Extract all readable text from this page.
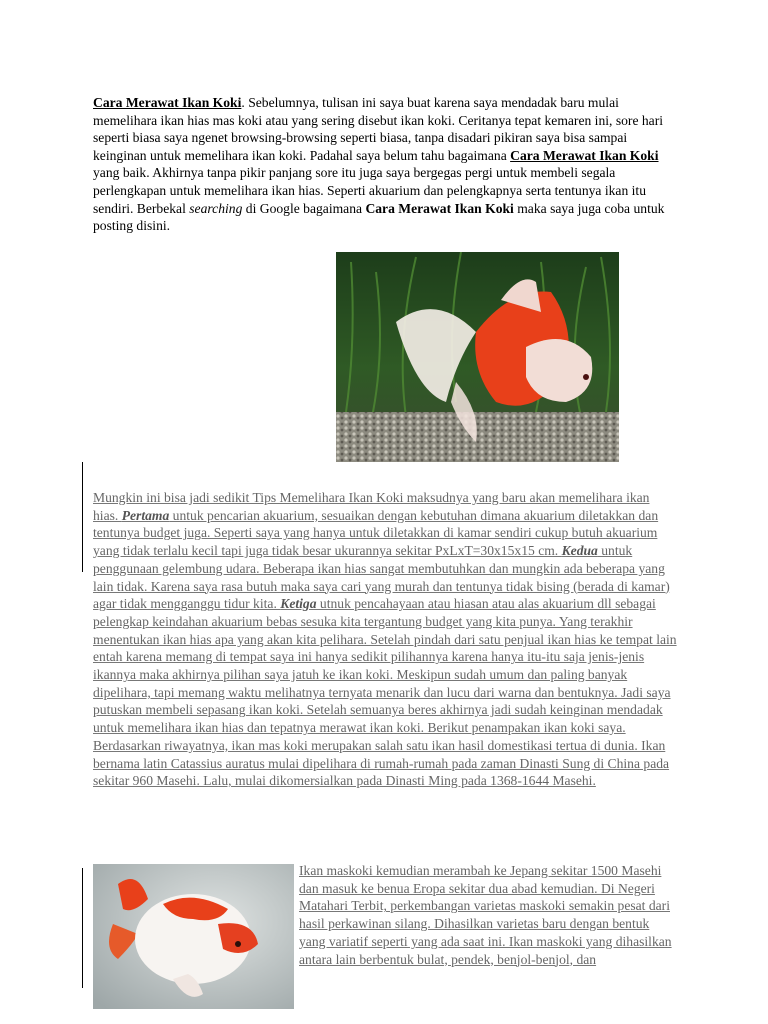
Cara Merawat Ikan Koki. Sebelumnya, tulisan ini saya buat karena saya mendadak baru mulai memelihara ikan hias mas koki atau yang sering disebut ikan koki. Ceritanya tepat kemaren ini, sore hari seperti biasa saya ngenet browsing-browsing seperti biasa, tanpa disadari pikiran saya bisa sampai keinginan untuk memelihara ikan koki. Padahal saya belum tahu bagaimana Cara Merawat Ikan Koki yang baik. Akhirnya tanpa pikir panjang sore itu juga saya bergegas pergi untuk membeli segala perlengkapan untuk memelihara ikan hias. Seperti akuarium dan pelengkapnya serta tentunya ikan itu sendiri. Berbekal searching di Google bagaimana Cara Merawat Ikan Koki maka saya juga coba untuk posting disini.

Mungkin ini bisa jadi sedikit Tips Memelihara Ikan Koki maksudnya yang baru akan memelihara ikan hias. Pertama untuk pencarian akuarium, sesuaikan dengan kebutuhan dimana akuarium diletakkan dan tentunya budget juga. Seperti saya yang hanya untuk diletakkan di kamar sendiri cukup butuh akuarium yang tidak terlalu kecil tapi juga tidak besar ukurannya sekitar PxLxT=30x15x15 cm. Kedua untuk penggunaan gelembung udara. Beberapa ikan hias sangat membutuhkan dan mungkin ada beberapa yang lain tidak. Karena saya rasa butuh maka saya cari yang murah dan tentunya tidak bising (berada di kamar) agar tidak mengganggu tidur kita. Ketiga utnuk pencahayaan atau hiasan atau alas akuarium dll sebagai pelengkap keindahan akuarium bebas sesuka kita tergantung budget yang kita punya. Yang terakhir menentukan ikan hias apa yang akan kita pelihara. Setelah pindah dari satu penjual ikan hias ke tempat lain entah karena memang di tempat saya ini hanya sedikit pilihannya karena hanya itu-itu saja jenis-jenis ikannya maka akhirnya pilihan saya jatuh ke ikan koki. Meskipun sudah umum dan paling banyak dipelihara, tapi memang waktu melihatnya ternyata menarik dan lucu dari warna dan bentuknya. Jadi saya putuskan membeli sepasang ikan koki. Setelah semuanya beres akhirnya jadi sudah keinginan mendadak untuk memelihara ikan hias dan tepatnya merawat ikan koki. Berikut penampakan ikan koki saya. Berdasarkan riwayatnya, ikan mas koki merupakan salah satu ikan hasil domestikasi tertua di dunia. Ikan bernama latin Catassius auratus mulai dipelihara di rumah-rumah pada zaman Dinasti Sung di China pada sekitar 960 Masehi. Lalu, mulai dikomersialkan pada Dinasti Ming pada 1368-1644 Masehi.

Ikan maskoki kemudian merambah ke Jepang sekitar 1500 Masehi dan masuk ke benua Eropa sekitar dua abad kemudian. Di Negeri Matahari Terbit, perkembangan varietas maskoki semakin pesat dari hasil perkawinan silang. Dihasilkan varietas baru dengan bentuk yang variatif seperti yang ada saat ini. Ikan maskoki yang dihasilkan antara lain berbentuk bulat, pendek, benjol-benjol, dan
